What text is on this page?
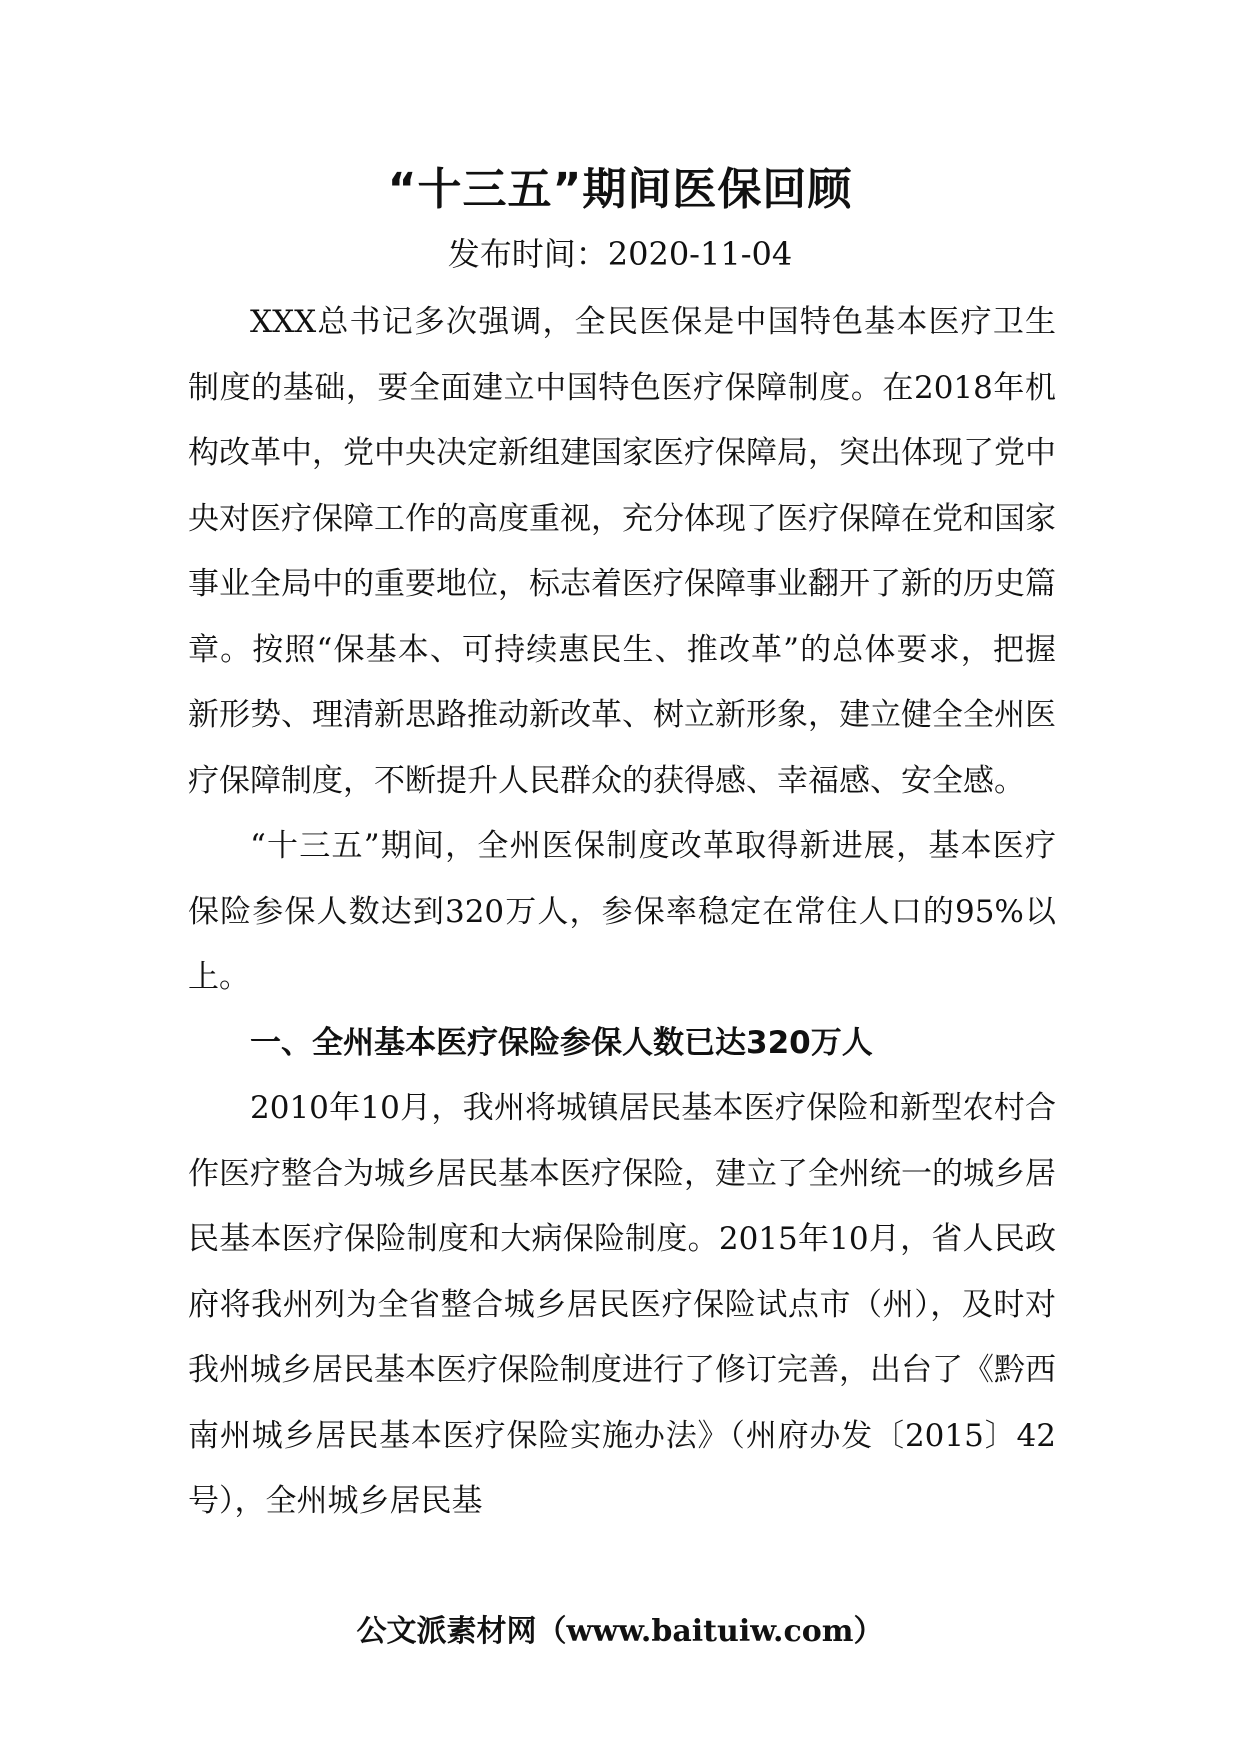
“十三五”期间医保回顾

发布时间：2020-11-04

XXX总书记多次强调，全民医保是中国特色基本医疗卫生制度的基础，要全面建立中国特色医疗保障制度。在2018年机构改革中，党中央决定新组建国家医疗保障局，突出体现了党中央对医疗保障工作的高度重视，充分体现了医疗保障在党和国家事业全局中的重要地位，标志着医疗保障事业翻开了新的历史篇章。按照“保基本、可持续惠民生、推改革”的总体要求，把握新形势、理清新思路推动新改革、树立新形象，建立健全全州医疗保障制度，不断提升人民群众的获得感、幸福感、安全感。

“十三五”期间，全州医保制度改革取得新进展，基本医疗保险参保人数达到320万人，参保率稳定在常住人口的95%以上。

一、全州基本医疗保险参保人数已达320万人

2010年10月，我州将城镇居民基本医疗保险和新型农村合作医疗整合为城乡居民基本医疗保险，建立了全州统一的城乡居民基本医疗保险制度和大病保险制度。2015年10月，省人民政府将我州列为全省整合城乡居民医疗保险试点市（州），及时对我州城乡居民基本医疗保险制度进行了修订完善，出台了《黔西南州城乡居民基本医疗保险实施办法》（州府办发〔2015〕42号），全州城乡居民基

公文派素材网（www.baituiw.com）
